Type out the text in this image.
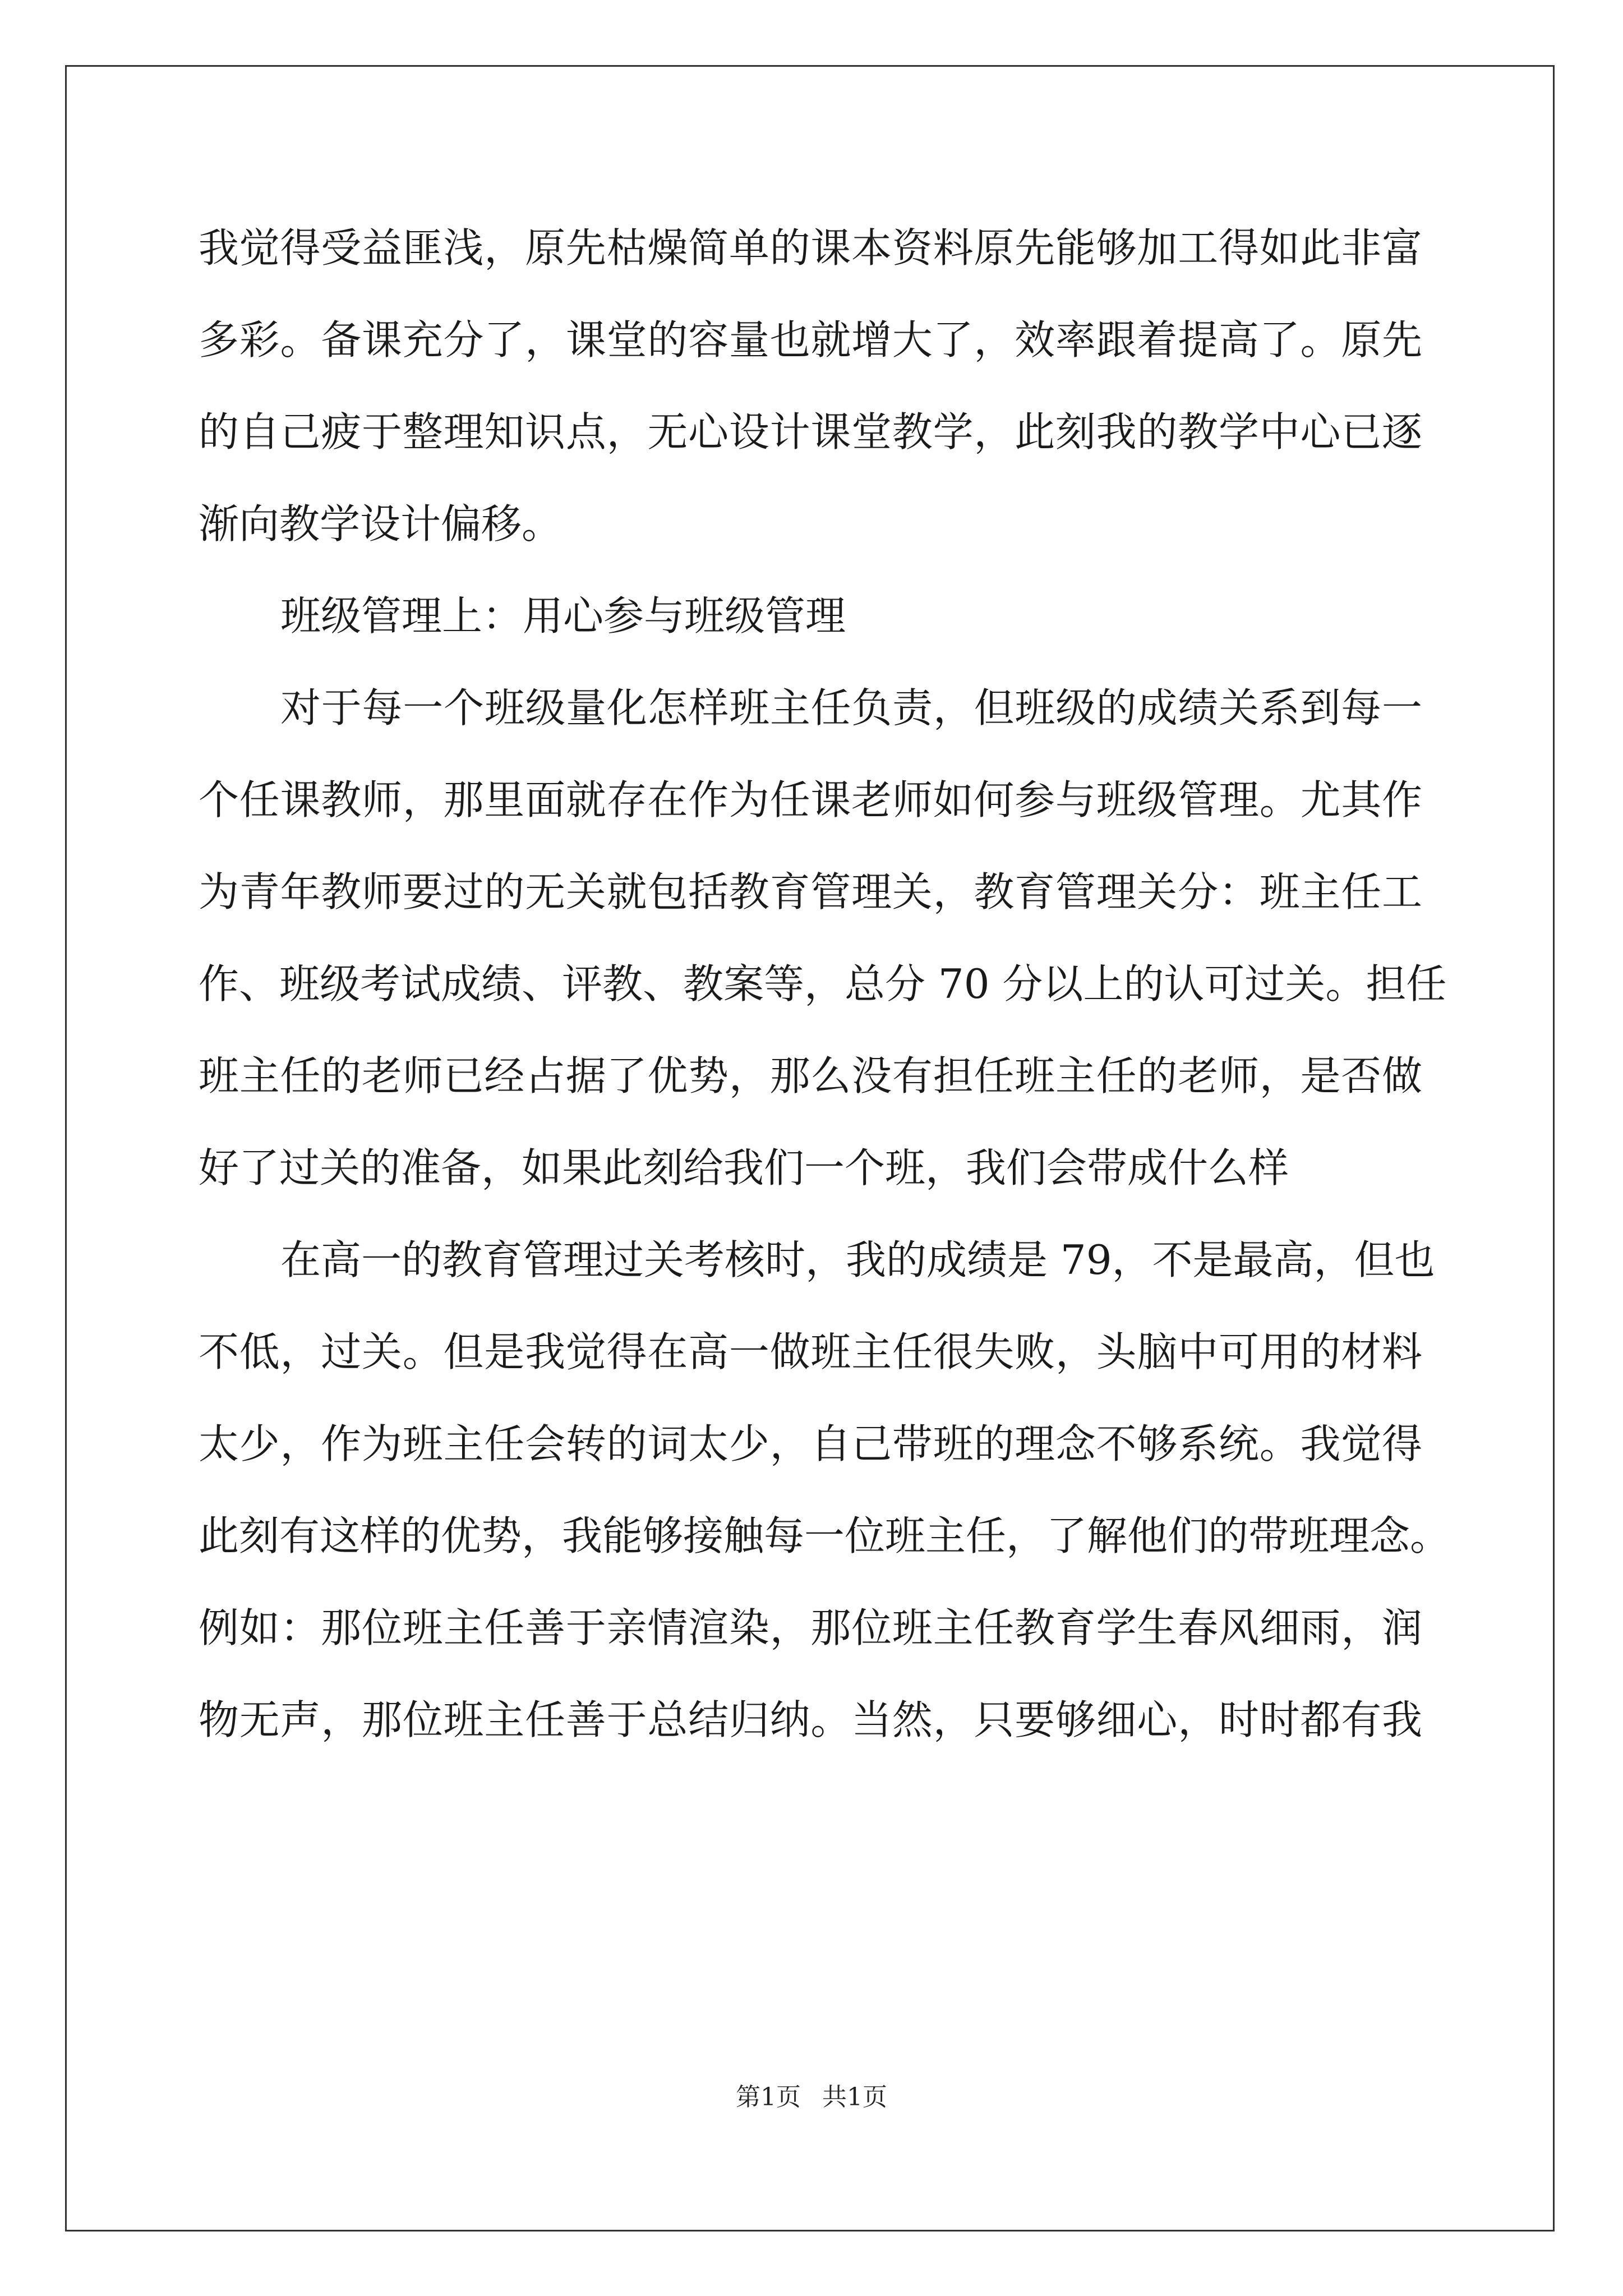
我觉得受益匪浅，原先枯燥简单的课本资料原先能够加工得如此非富
多彩。备课充分了，课堂的容量也就增大了，效率跟着提高了。原先
的自己疲于整理知识点，无心设计课堂教学，此刻我的教学中心已逐
渐向教学设计偏移。
班级管理上：用心参与班级管理
对于每一个班级量化怎样班主任负责，但班级的成绩关系到每一
个任课教师，那里面就存在作为任课老师如何参与班级管理。尤其作
为青年教师要过的无关就包括教育管理关，教育管理关分：班主任工
作、班级考试成绩、评教、教案等，总分 70 分以上的认可过关。担任
班主任的老师已经占据了优势，那么没有担任班主任的老师，是否做
好了过关的准备，如果此刻给我们一个班，我们会带成什么样
在高一的教育管理过关考核时，我的成绩是 79，不是最高，但也
不低，过关。但是我觉得在高一做班主任很失败，头脑中可用的材料
太少，作为班主任会转的词太少，自己带班的理念不够系统。我觉得
此刻有这样的优势，我能够接触每一位班主任，了解他们的带班理念。
例如：那位班主任善于亲情渲染，那位班主任教育学生春风细雨，润
物无声，那位班主任善于总结归纳。当然，只要够细心，时时都有我
第1页 共1页
